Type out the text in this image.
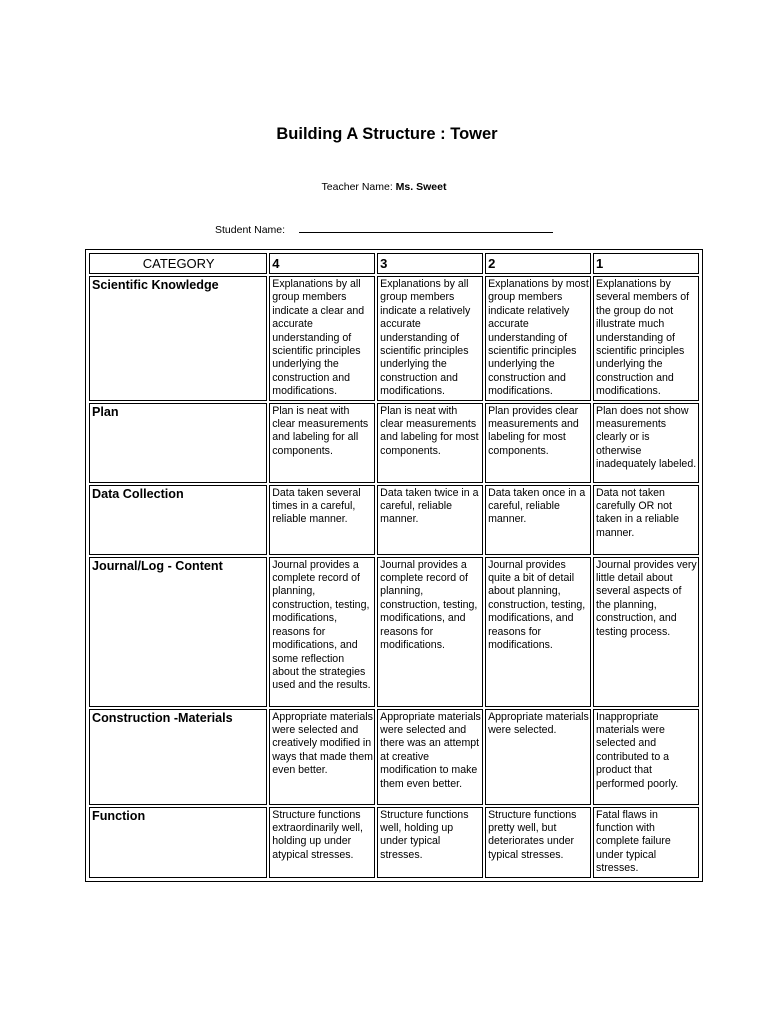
Building A Structure : Tower
Teacher Name: Ms. Sweet
Student Name:
CATEGORY	4	3	2	1
Scientific Knowledge	Explanations by all group members indicate a clear and accurate understanding of scientific principles underlying the construction and modifications.	Explanations by all group members indicate a relatively accurate understanding of scientific principles underlying the construction and modifications.	Explanations by most group members indicate relatively accurate understanding of scientific principles underlying the construction and modifications.	Explanations by several members of the group do not illustrate much understanding of scientific principles underlying the construction and modifications.
Plan	Plan is neat with clear measurements and labeling for all components.	Plan is neat with clear measurements and labeling for most components.	Plan provides clear measurements and labeling for most components.	Plan does not show measurements clearly or is otherwise inadequately labeled.
Data Collection	Data taken several times in a careful, reliable manner.	Data taken twice in a careful, reliable manner.	Data taken once in a careful, reliable manner.	Data not taken carefully OR not taken in a reliable manner.
Journal/Log - Content	Journal provides a complete record of planning, construction, testing, modifications, reasons for modifications, and some reflection about the strategies used and the results.	Journal provides a complete record of planning, construction, testing, modifications, and reasons for modifications.	Journal provides quite a bit of detail about planning, construction, testing, modifications, and reasons for modifications.	Journal provides very little detail about several aspects of the planning, construction, and testing process.
Construction -Materials	Appropriate materials were selected and creatively modified in ways that made them even better.	Appropriate materials were selected and there was an attempt at creative modification to make them even better.	Appropriate materials were selected.	Inappropriate materials were selected and contributed to a product that performed poorly.
Function	Structure functions extraordinarily well, holding up under atypical stresses.	Structure functions well, holding up under typical stresses.	Structure functions pretty well, but deteriorates under typical stresses.	Fatal flaws in function with complete failure under typical stresses.
